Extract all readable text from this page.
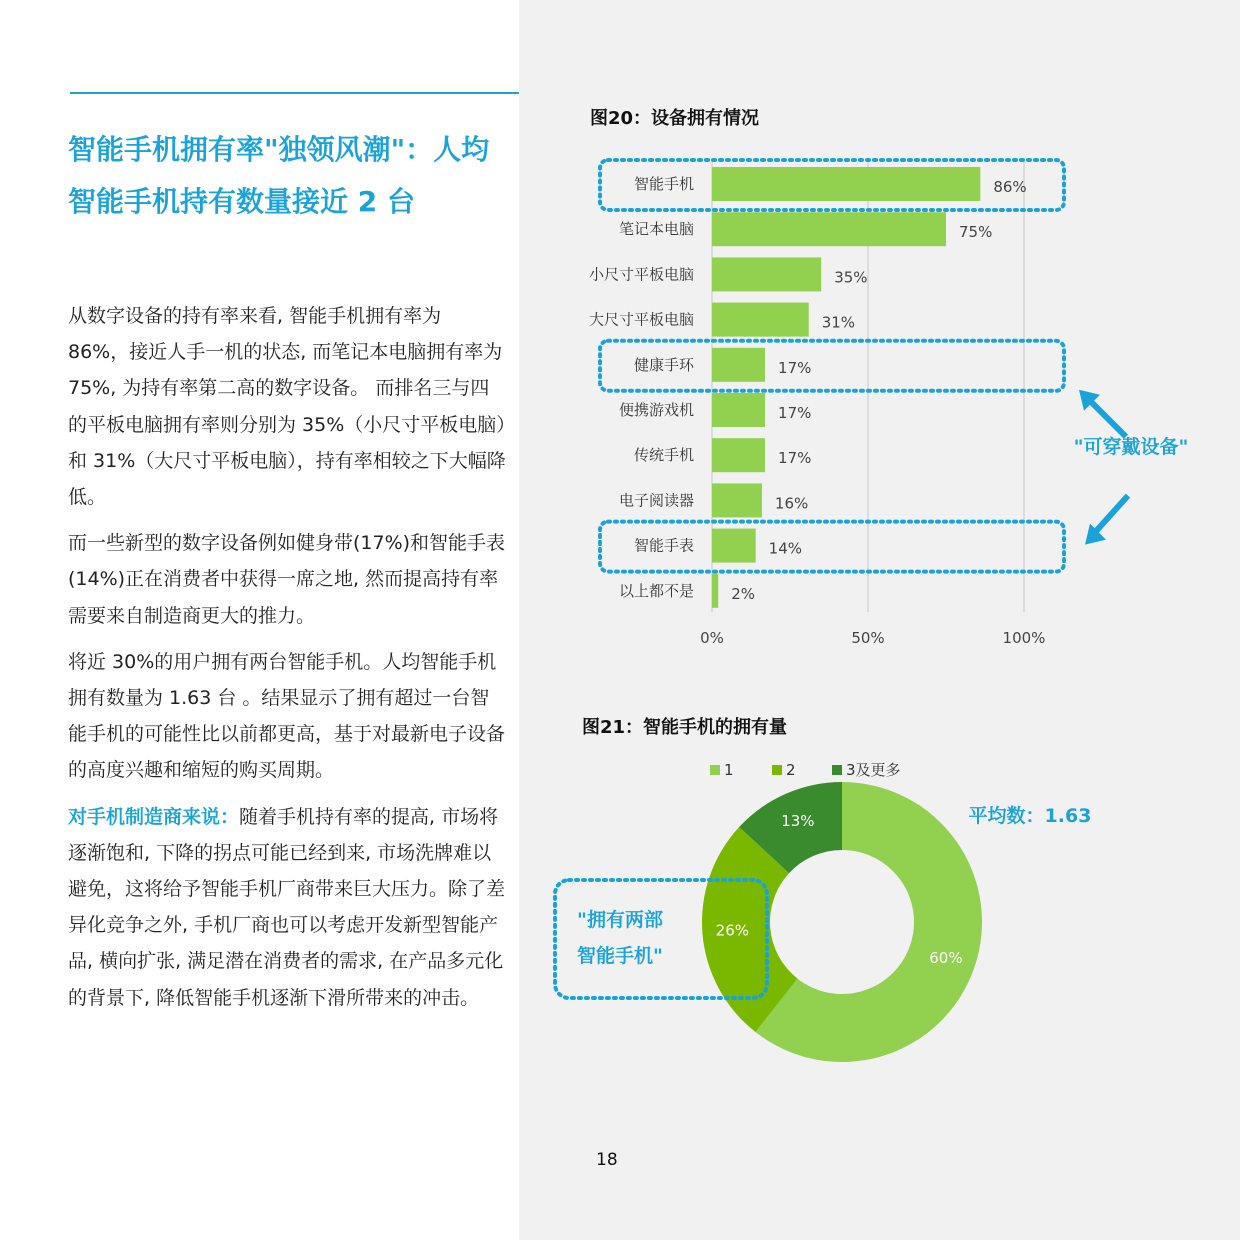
智能手机拥有率"独领风潮"：人均
智能手机持有数量接近 2 台

从数字设备的持有率来看, 智能手机拥有率为 86%，接近人手一机的状态, 而笔记本电脑拥有率为 75%, 为持有率第二高的数字设备。 而排名三与四的平板电脑拥有率则分别为 35%（小尺寸平板电脑）和 31%（大尺寸平板电脑），持有率相较之下大幅降低。

而一些新型的数字设备例如健身带(17%)和智能手表(14%)正在消费者中获得一席之地, 然而提高持有率需要来自制造商更大的推力。

将近 30%的用户拥有两台智能手机。人均智能手机拥有数量为 1.63 台 。结果显示了拥有超过一台智能手机的可能性比以前都更高，基于对最新电子设备的高度兴趣和缩短的购买周期。

对手机制造商来说：随着手机持有率的提高, 市场将逐渐饱和, 下降的拐点可能已经到来, 市场洗牌难以避免，这将给予智能手机厂商带来巨大压力。除了差异化竞争之外, 手机厂商也可以考虑开发新型智能产品, 横向扩张, 满足潜在消费者的需求, 在产品多元化的背景下, 降低智能手机逐渐下滑所带来的冲击。

图20：设备拥有情况
0%	50%	100%
智能手机	86%
笔记本电脑	75%
小尺寸平板电脑	35%
大尺寸平板电脑	31%
健康手环	17%
便携游戏机	17%
传统手机	17%
电子阅读器	16%
智能手表	14%
以上都不是 2%
"可穿戴设备"
图21：智能手机的拥有量
1	2	3及更多
60%
26%
13%	平均数：1.63
"拥有两部
智能手机"
18
